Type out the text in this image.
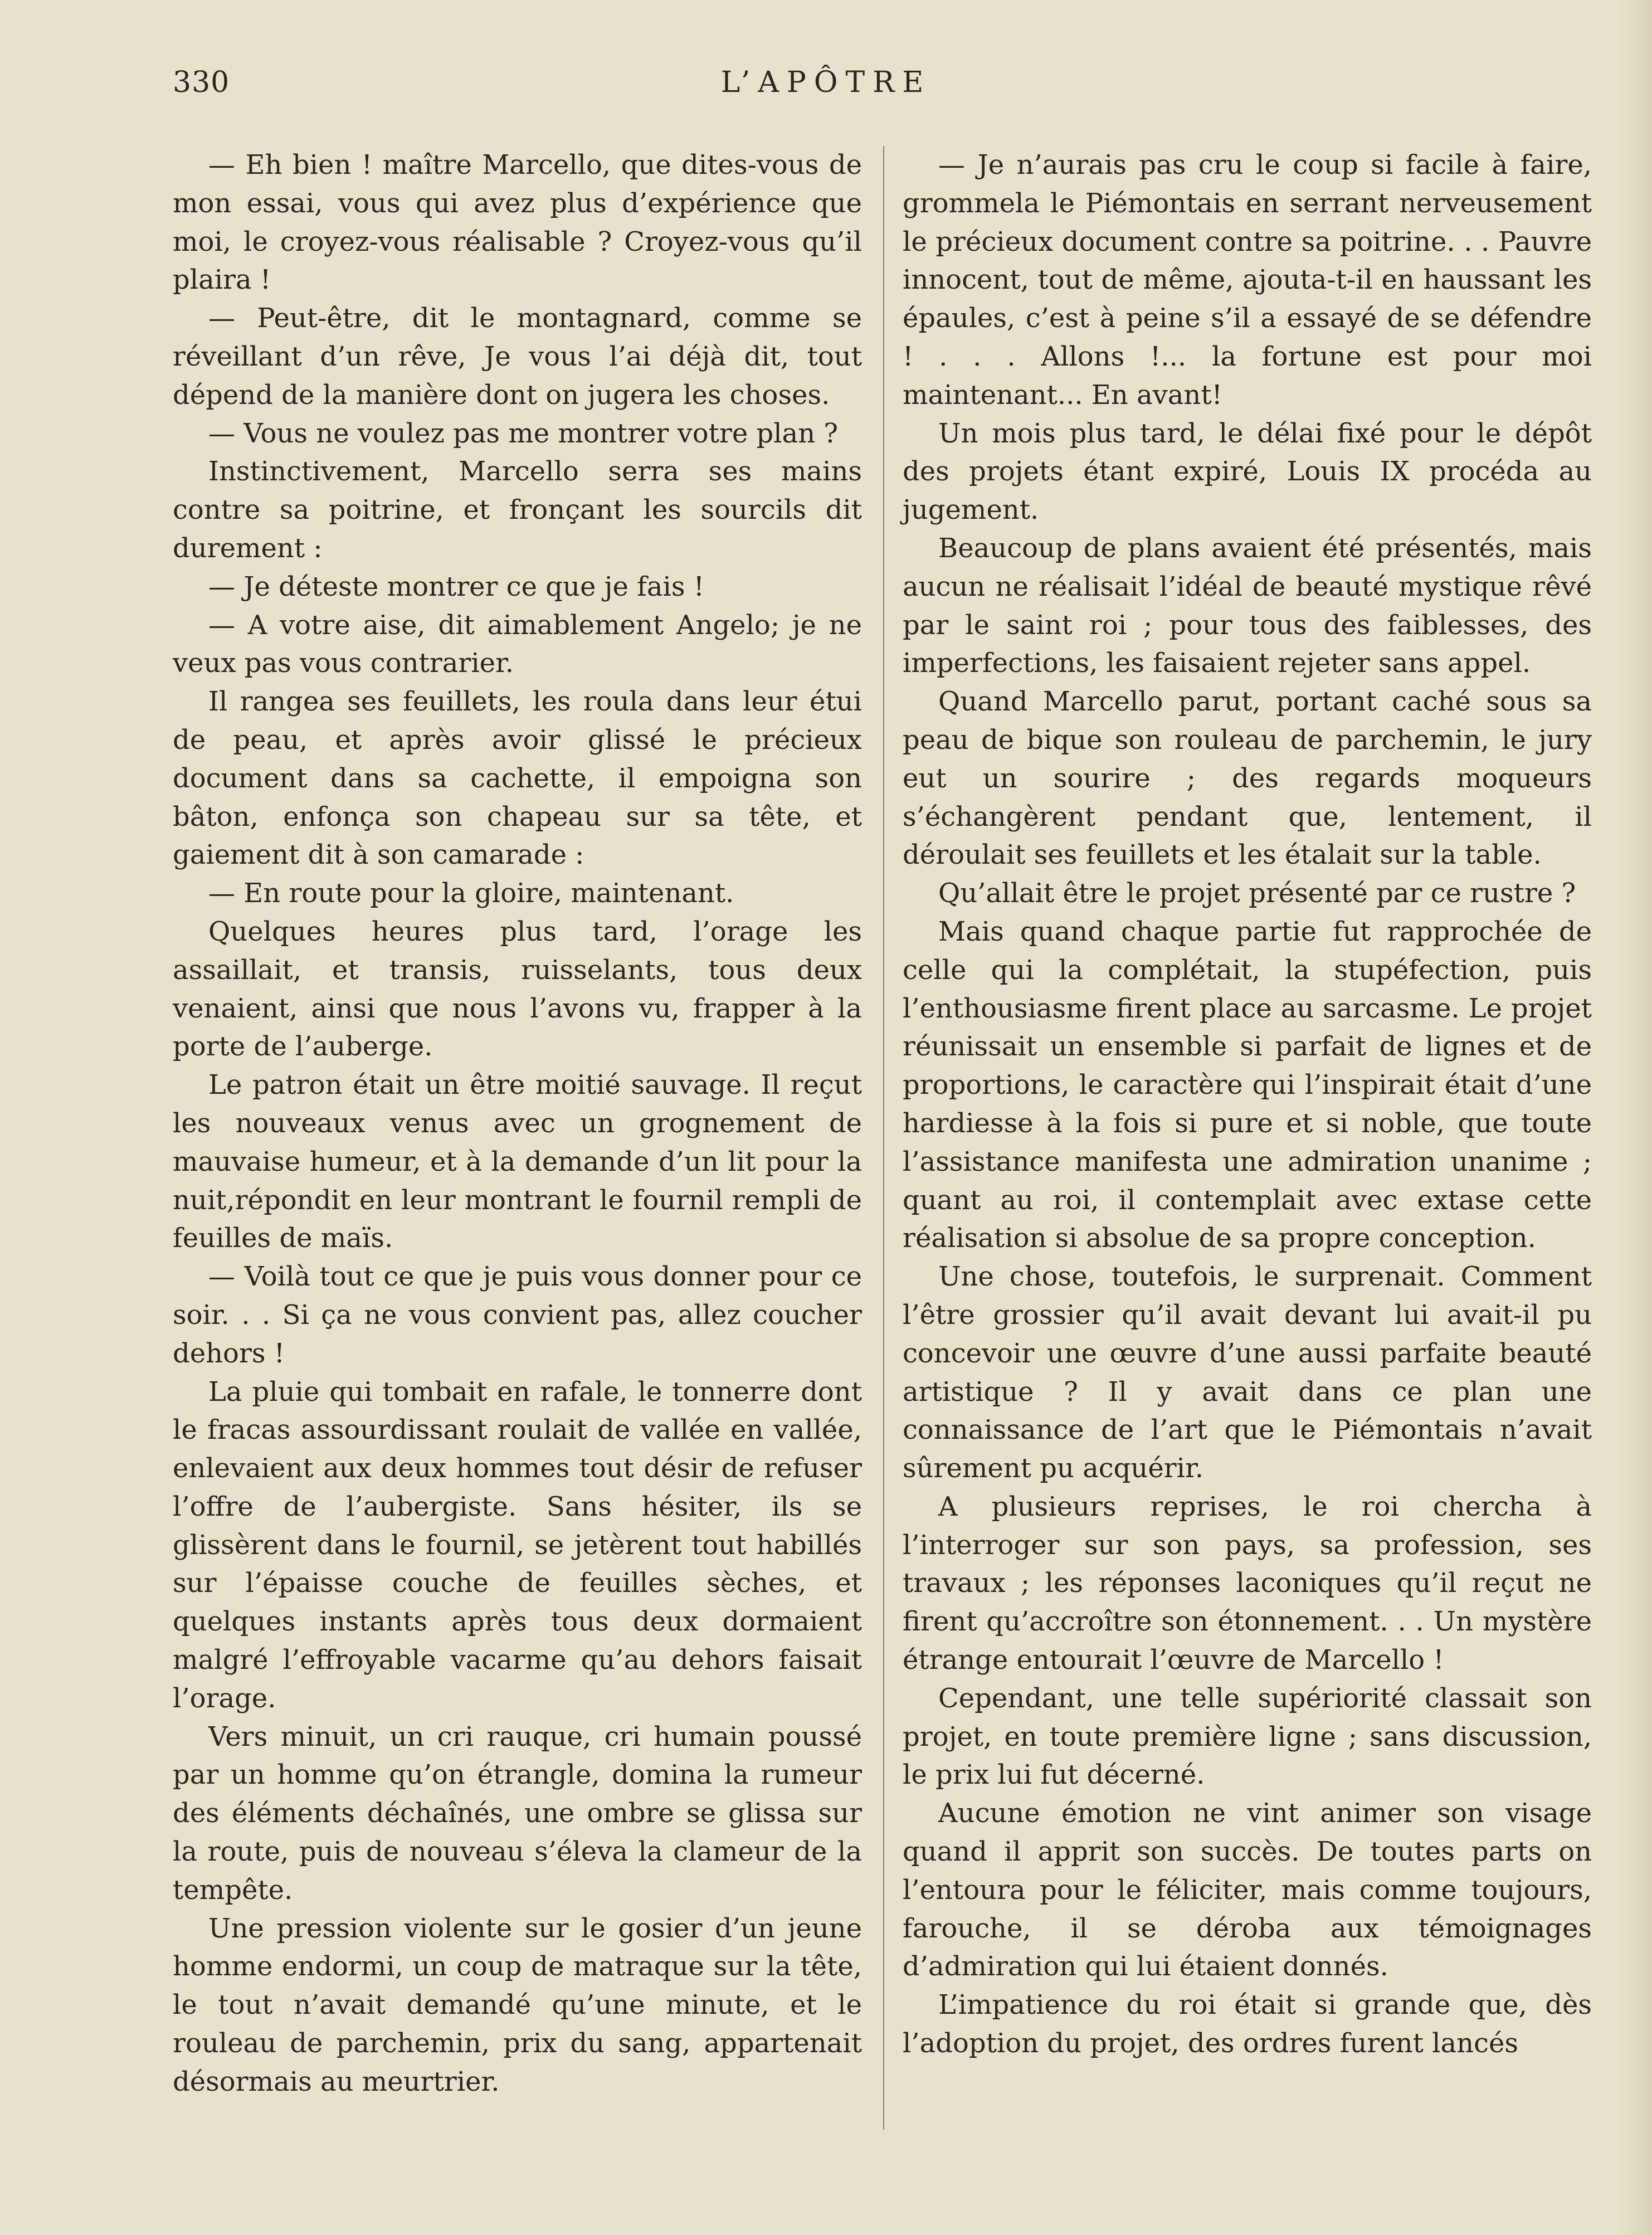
330	L’APÔTRE

— Eh bien ! maître Marcello, que dites-vous de mon essai, vous qui avez plus d’expérience que moi, le croyez-vous réalisable ? Croyez-vous qu’il plaira !

— Peut-être, dit le montagnard, comme se réveillant d’un rêve, Je vous l’ai déjà dit, tout dépend de la manière dont on jugera les choses.

— Vous ne voulez pas me montrer votre plan ?

Instinctivement, Marcello serra ses mains contre sa poitrine, et fronçant les sourcils dit durement :

— Je déteste montrer ce que je fais !

— A votre aise, dit aimablement Angelo; je ne veux pas vous contrarier.

Il rangea ses feuillets, les roula dans leur étui de peau, et après avoir glissé le précieux document dans sa cachette, il empoigna son bâton, enfonça son chapeau sur sa tête, et gaiement dit à son camarade :

— En route pour la gloire, maintenant.

Quelques heures plus tard, l’orage les assaillait, et transis, ruisselants, tous deux venaient, ainsi que nous l’avons vu, frapper à la porte de l’auberge.

Le patron était un être moitié sauvage. Il reçut les nouveaux venus avec un grognement de mauvaise humeur, et à la demande d’un lit pour la nuit,répondit en leur montrant le fournil rempli de feuilles de maïs.

— Voilà tout ce que je puis vous donner pour ce soir. . . Si ça ne vous convient pas, allez coucher dehors !

La pluie qui tombait en rafale, le tonnerre dont le fracas assourdissant roulait de vallée en vallée, enlevaient aux deux hommes tout désir de refuser l’offre de l’aubergiste. Sans hésiter, ils se glissèrent dans le fournil, se jetèrent tout habillés sur l’épaisse couche de feuilles sèches, et quelques instants après tous deux dormaient malgré l’effroyable vacarme qu’au dehors faisait l’orage.

Vers minuit, un cri rauque, cri humain poussé par un homme qu’on étrangle, domina la rumeur des éléments déchaînés, une ombre se glissa sur la route, puis de nouveau s’éleva la clameur de la tempête.

Une pression violente sur le gosier d’un jeune homme endormi, un coup de matraque sur la tête, le tout n’avait demandé qu’une minute, et le rouleau de parchemin, prix du sang, appartenait désormais au meurtrier.

— Je n’aurais pas cru le coup si facile à faire, grommela le Piémontais en serrant nerveusement le précieux document contre sa poitrine. . . Pauvre innocent, tout de même, ajouta-t-il en haussant les épaules, c’est à peine s’il a essayé de se défendre ! . . . Allons !... la fortune est pour moi maintenant... En avant!

Un mois plus tard, le délai fixé pour le dépôt des projets étant expiré, Louis IX procéda au jugement.

Beaucoup de plans avaient été présentés, mais aucun ne réalisait l’idéal de beauté mystique rêvé par le saint roi ; pour tous des faiblesses, des imperfections, les faisaient rejeter sans appel.

Quand Marcello parut, portant caché sous sa peau de bique son rouleau de parchemin, le jury eut un sourire ; des regards moqueurs s’échangèrent pendant que, lentement, il déroulait ses feuillets et les étalait sur la table.

Qu’allait être le projet présenté par ce rustre ?

Mais quand chaque partie fut rapprochée de celle qui la complétait, la stupéfection, puis l’enthousiasme firent place au sarcasme. Le projet réunissait un ensemble si parfait de lignes et de proportions, le caractère qui l’inspirait était d’une hardiesse à la fois si pure et si noble, que toute l’assistance manifesta une admiration unanime ; quant au roi, il contemplait avec extase cette réalisation si absolue de sa propre conception.

Une chose, toutefois, le surprenait. Comment l’être grossier qu’il avait devant lui avait-il pu concevoir une œuvre d’une aussi parfaite beauté artistique ? Il y avait dans ce plan une connaissance de l’art que le Piémontais n’avait sûrement pu acquérir.

A plusieurs reprises, le roi chercha à l’interroger sur son pays, sa profession, ses travaux ; les réponses laconiques qu’il reçut ne firent qu’accroître son étonnement. . . Un mystère étrange entourait l’œuvre de Marcello !

Cependant, une telle supériorité classait son projet, en toute première ligne ; sans discussion, le prix lui fut décerné.

Aucune émotion ne vint animer son visage quand il apprit son succès. De toutes parts on l’entoura pour le féliciter, mais comme toujours, farouche, il se déroba aux témoignages d’admiration qui lui étaient donnés.

L’impatience du roi était si grande que, dès l’adoption du projet, des ordres furent lancés
